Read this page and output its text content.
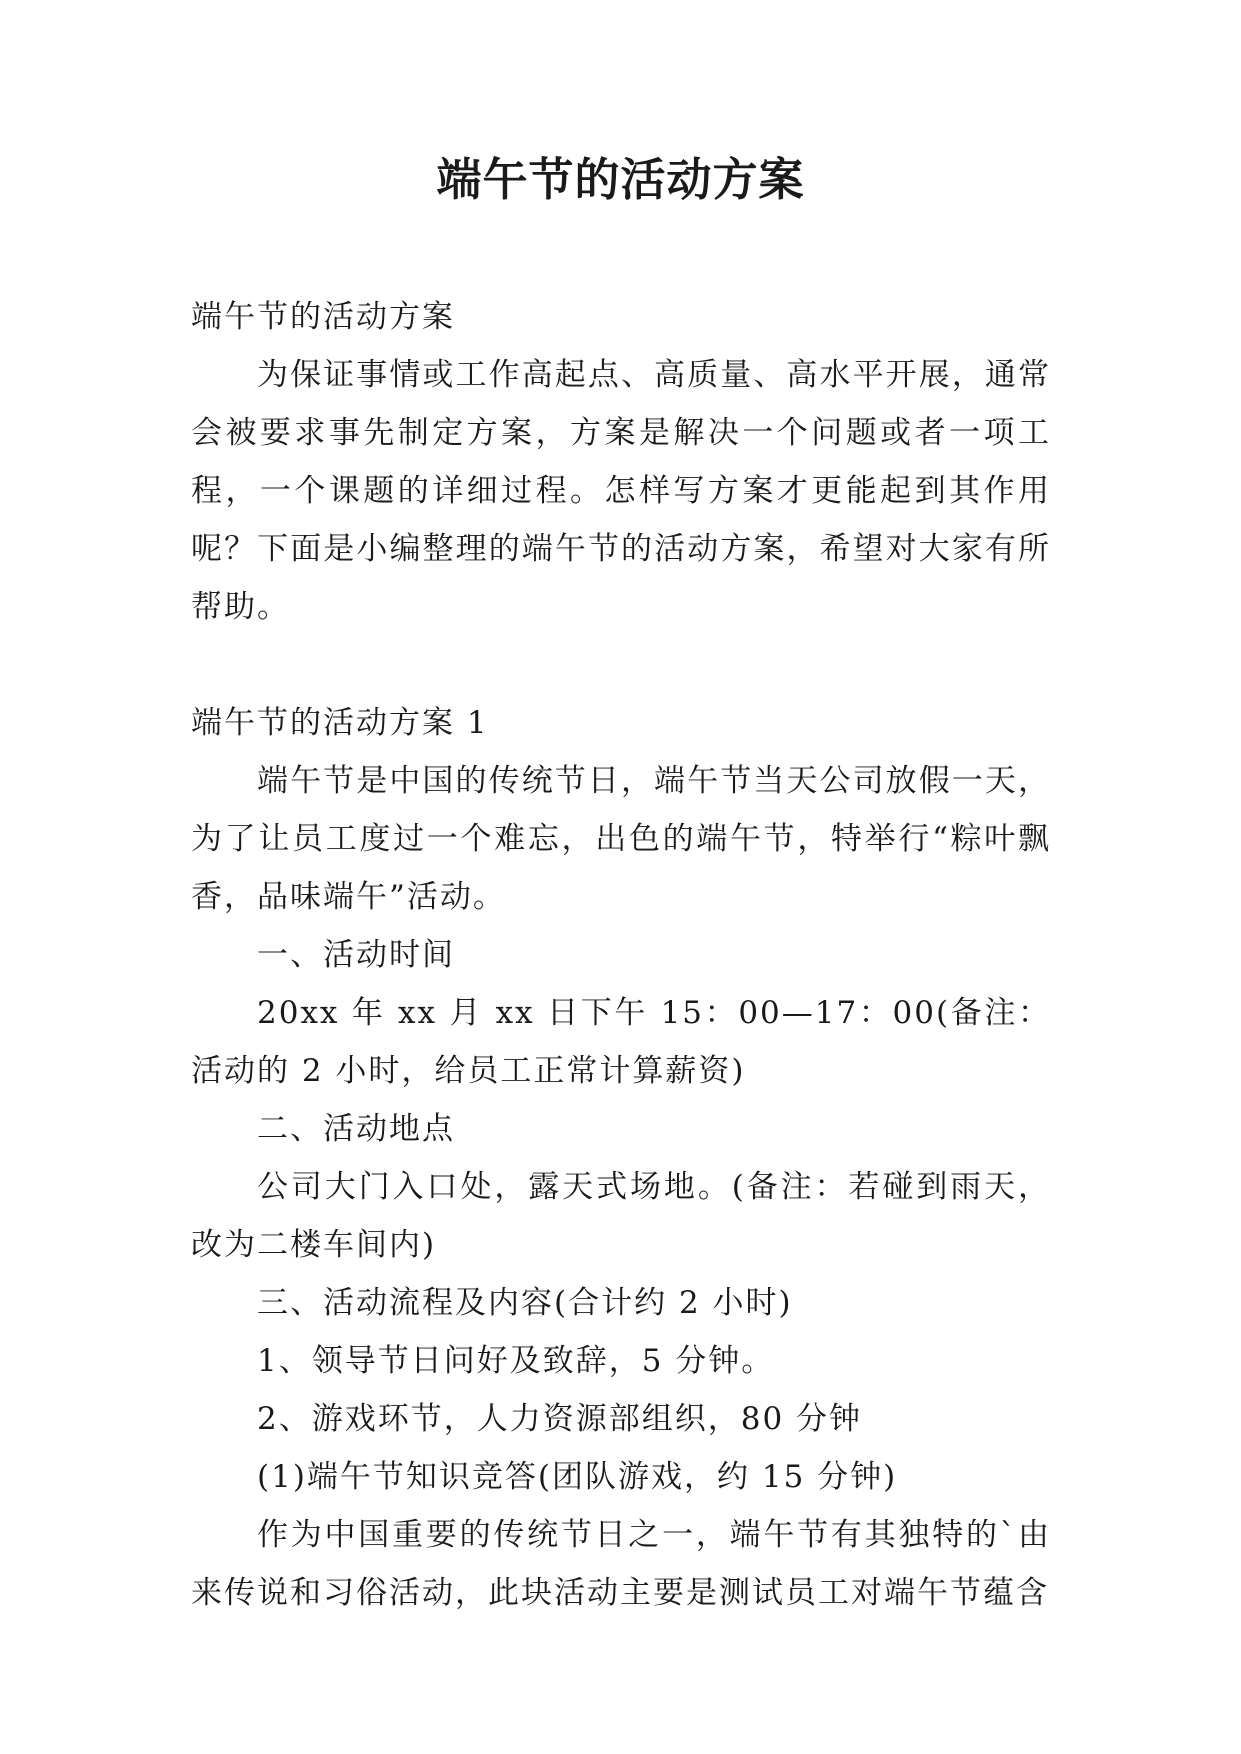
端午节的活动方案

端午节的活动方案

为保证事情或工作高起点、高质量、高水平开展，通常会被要求事先制定方案，方案是解决一个问题或者一项工程，一个课题的详细过程。怎样写方案才更能起到其作用呢？下面是小编整理的端午节的活动方案，希望对大家有所帮助。

端午节的活动方案 1

端午节是中国的传统节日，端午节当天公司放假一天，为了让员工度过一个难忘，出色的端午节，特举行“粽叶飘香，品味端午”活动。

一、活动时间

20xx 年 xx 月 xx 日下午 15：00—17：00(备注：活动的 2 小时，给员工正常计算薪资)

二、活动地点

公司大门入口处，露天式场地。(备注：若碰到雨天，改为二楼车间内)

三、活动流程及内容(合计约 2 小时)

1、领导节日问好及致辞，5 分钟。

2、游戏环节，人力资源部组织，80 分钟

(1)端午节知识竞答(团队游戏，约 15 分钟)

作为中国重要的传统节日之一，端午节有其独特的`由来传说和习俗活动，此块活动主要是测试员工对端午节蕴含
